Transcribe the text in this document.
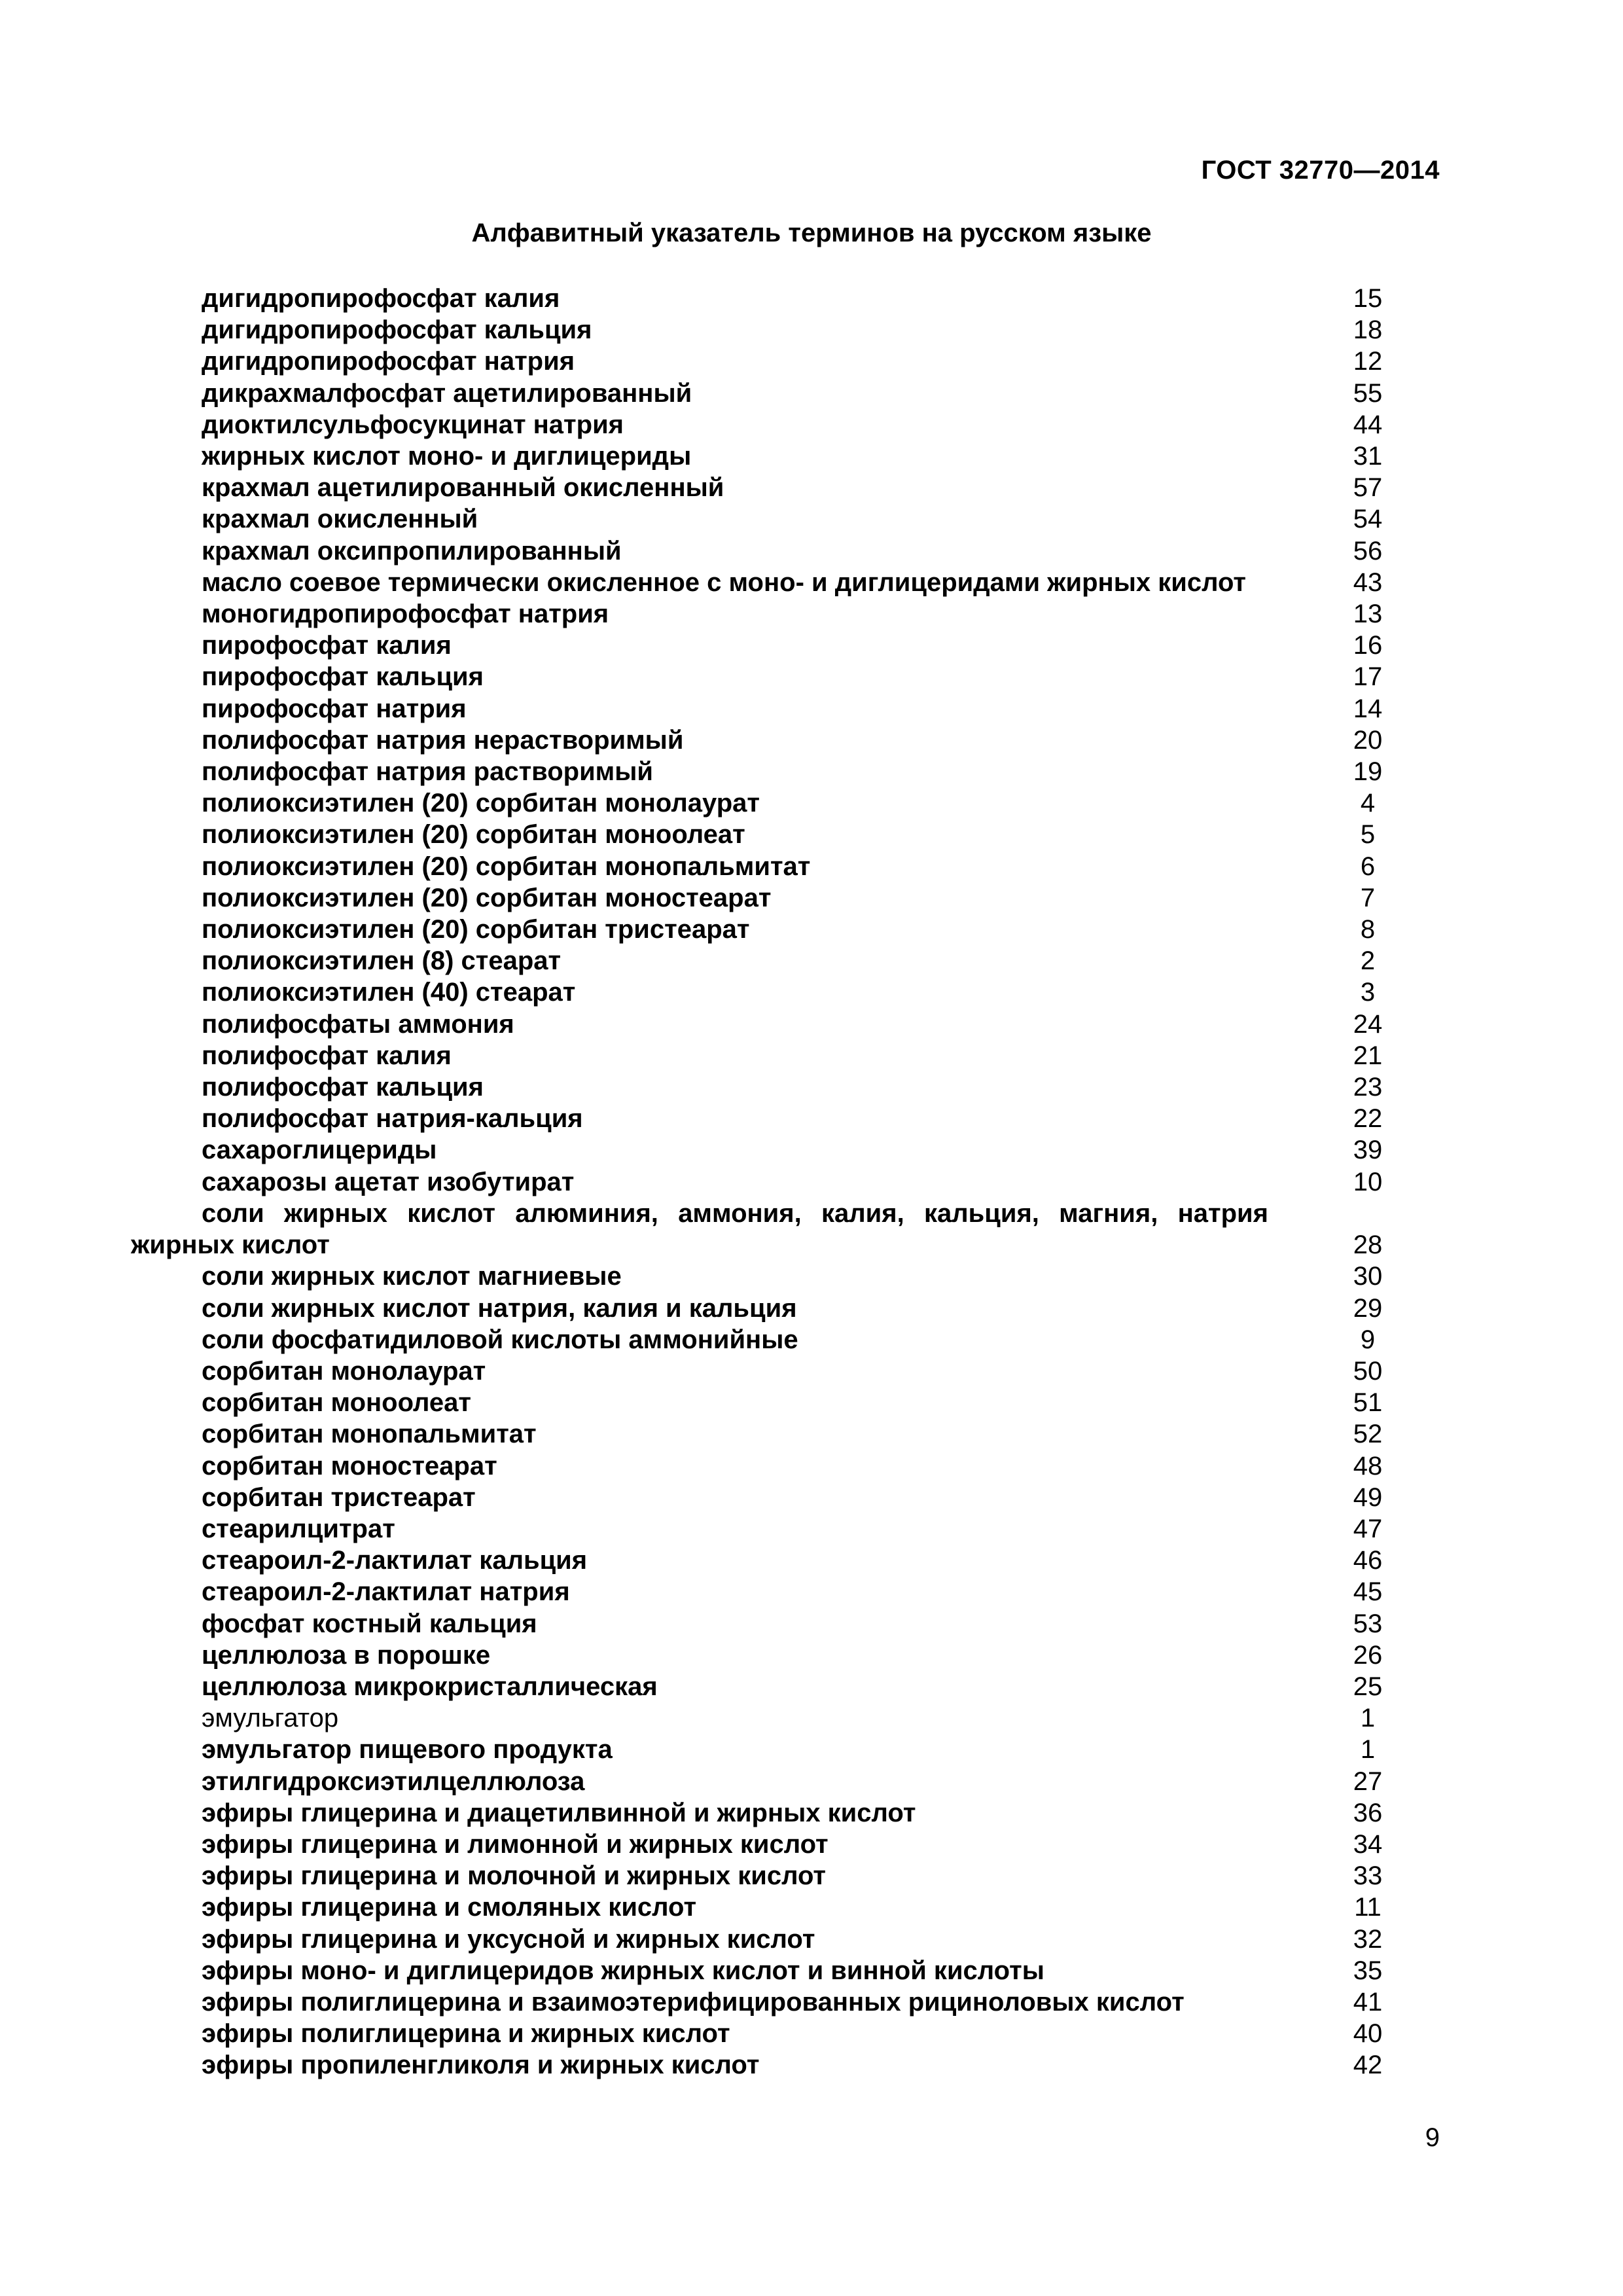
ГОСТ 32770—2014
Алфавитный указатель терминов на русском языке
дигидропирофосфат калия	15
дигидропирофосфат кальция	18
дигидропирофосфат натрия	12
дикрахмалфосфат ацетилированный	55
диоктилсульфосукцинат натрия	44
жирных кислот моно- и диглицериды	31
крахмал ацетилированный окисленный	57
крахмал окисленный	54
крахмал оксипропилированный	56
масло соевое термически окисленное с моно- и диглицеридами жирных кислот	43
моногидропирофосфат натрия	13
пирофосфат калия	16
пирофосфат кальция	17
пирофосфат натрия	14
полифосфат натрия нерастворимый	20
полифосфат натрия растворимый	19
полиоксиэтилен (20) сорбитан монолаурат	4
полиоксиэтилен (20) сорбитан моноолеат	5
полиоксиэтилен (20) сорбитан монопальмитат	6
полиоксиэтилен (20) сорбитан моностеарат	7
полиоксиэтилен (20) сорбитан тристеарат	8
полиоксиэтилен (8) стеарат	2
полиоксиэтилен (40) стеарат	3
полифосфаты аммония	24
полифосфат калия	21
полифосфат кальция	23
полифосфат натрия-кальция	22
сахароглицериды	39
сахарозы ацетат изобутират	10
соли жирных кислот алюминия, аммония, калия, кальция, магния, натрия жирных кислот	28
соли жирных кислот магниевые	30
соли жирных кислот натрия, калия и кальция	29
соли фосфатидиловой кислоты аммонийные	9
сорбитан монолаурат	50
сорбитан моноолеат	51
сорбитан монопальмитат	52
сорбитан моностеарат	48
сорбитан тристеарат	49
стеарилцитрат	47
стеароил-2-лактилат кальция	46
стеароил-2-лактилат натрия	45
фосфат костный кальция	53
целлюлоза в порошке	26
целлюлоза микрокристаллическая	25
эмульгатор	1
эмульгатор пищевого продукта	1
этилгидроксиэтилцеллюлоза	27
эфиры глицерина и диацетилвинной и жирных кислот	36
эфиры глицерина и лимонной и жирных кислот	34
эфиры глицерина и молочной и жирных кислот	33
эфиры глицерина и смоляных кислот	11
эфиры глицерина и уксусной и жирных кислот	32
эфиры моно- и диглицеридов жирных кислот и винной кислоты	35
эфиры полиглицерина и взаимоэтерифицированных рициноловых кислот	41
эфиры полиглицерина и жирных кислот	40
эфиры пропиленгликоля и жирных кислот	42
9
